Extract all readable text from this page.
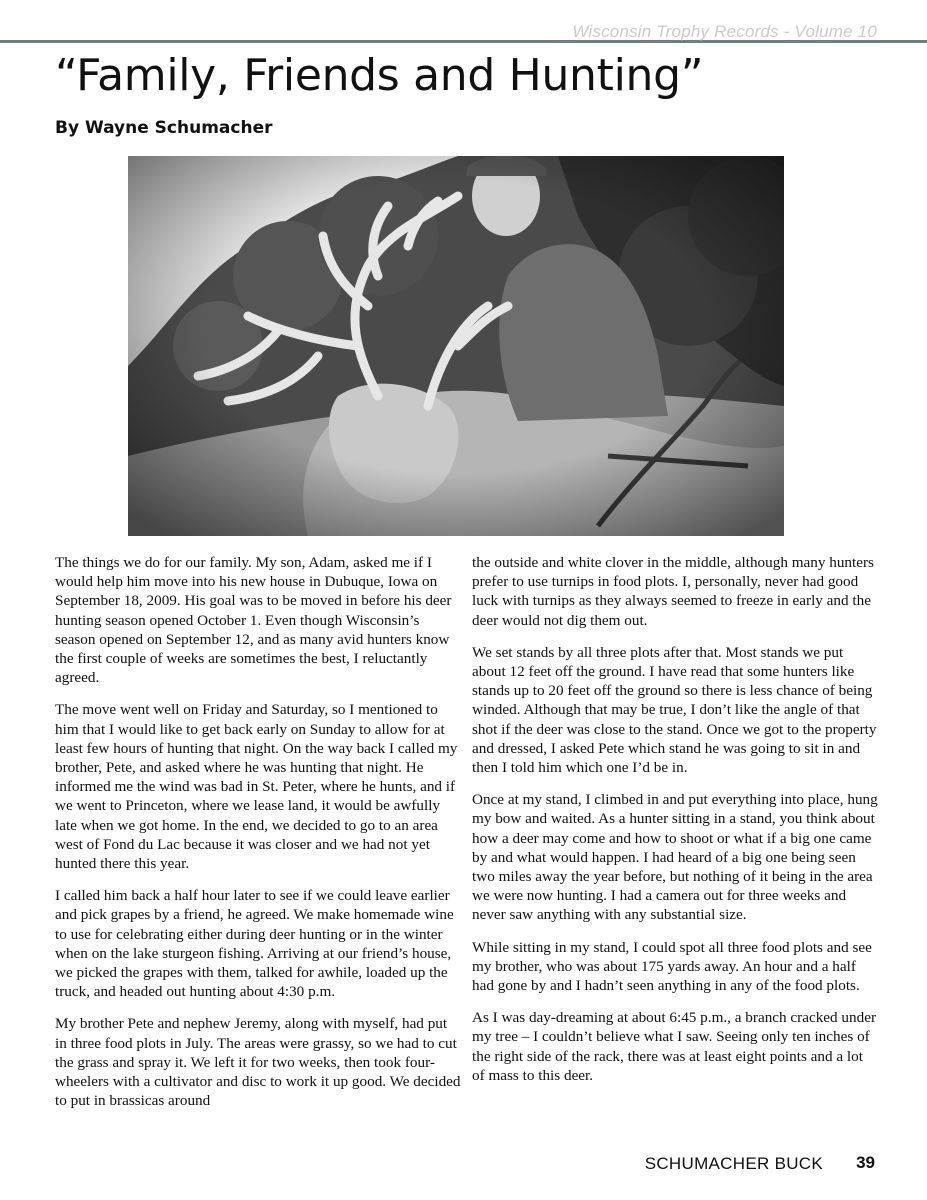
Wisconsin Trophy Records - Volume 10
“Family, Friends and Hunting”
By Wayne Schumacher

The things we do for our family. My son, Adam, asked me if I would help him move into his new house in Dubuque, Iowa on September 18, 2009. His goal was to be moved in before his deer hunting season opened October 1. Even though Wisconsin’s season opened on September 12, and as many avid hunters know the first couple of weeks are sometimes the best, I reluctantly agreed.

The move went well on Friday and Saturday, so I mentioned to him that I would like to get back early on Sunday to allow for at least few hours of hunting that night. On the way back I called my brother, Pete, and asked where he was hunting that night. He informed me the wind was bad in St. Peter, where he hunts, and if we went to Princeton, where we lease land, it would be awfully late when we got home. In the end, we decided to go to an area west of Fond du Lac because it was closer and we had not yet hunted there this year.

I called him back a half hour later to see if we could leave earlier and pick grapes by a friend, he agreed. We make homemade wine to use for celebrating either during deer hunting or in the winter when on the lake sturgeon fishing. Arriving at our friend’s house, we picked the grapes with them, talked for awhile, loaded up the truck, and headed out hunting about 4:30 p.m.

My brother Pete and nephew Jeremy, along with myself, had put in three food plots in July. The areas were grassy, so we had to cut the grass and spray it. We left it for two weeks, then took four-wheelers with a cultivator and disc to work it up good. We decided to put in brassicas around

the outside and white clover in the middle, although many hunters prefer to use turnips in food plots. I, personally, never had good luck with turnips as they always seemed to freeze in early and the deer would not dig them out.

We set stands by all three plots after that. Most stands we put about 12 feet off the ground. I have read that some hunters like stands up to 20 feet off the ground so there is less chance of being winded. Although that may be true, I don’t like the angle of that shot if the deer was close to the stand. Once we got to the property and dressed, I asked Pete which stand he was going to sit in and then I told him which one I’d be in.

Once at my stand, I climbed in and put everything into place, hung my bow and waited. As a hunter sitting in a stand, you think about how a deer may come and how to shoot or what if a big one came by and what would happen. I had heard of a big one being seen two miles away the year before, but nothing of it being in the area we were now hunting. I had a camera out for three weeks and never saw anything with any substantial size.

While sitting in my stand, I could spot all three food plots and see my brother, who was about 175 yards away. An hour and a half had gone by and I hadn’t seen anything in any of the food plots.

As I was day-dreaming at about 6:45 p.m., a branch cracked under my tree – I couldn’t believe what I saw. Seeing only ten inches of the right side of the rack, there was at least eight points and a lot of mass to this deer.

SCHUMACHER BUCK 39
